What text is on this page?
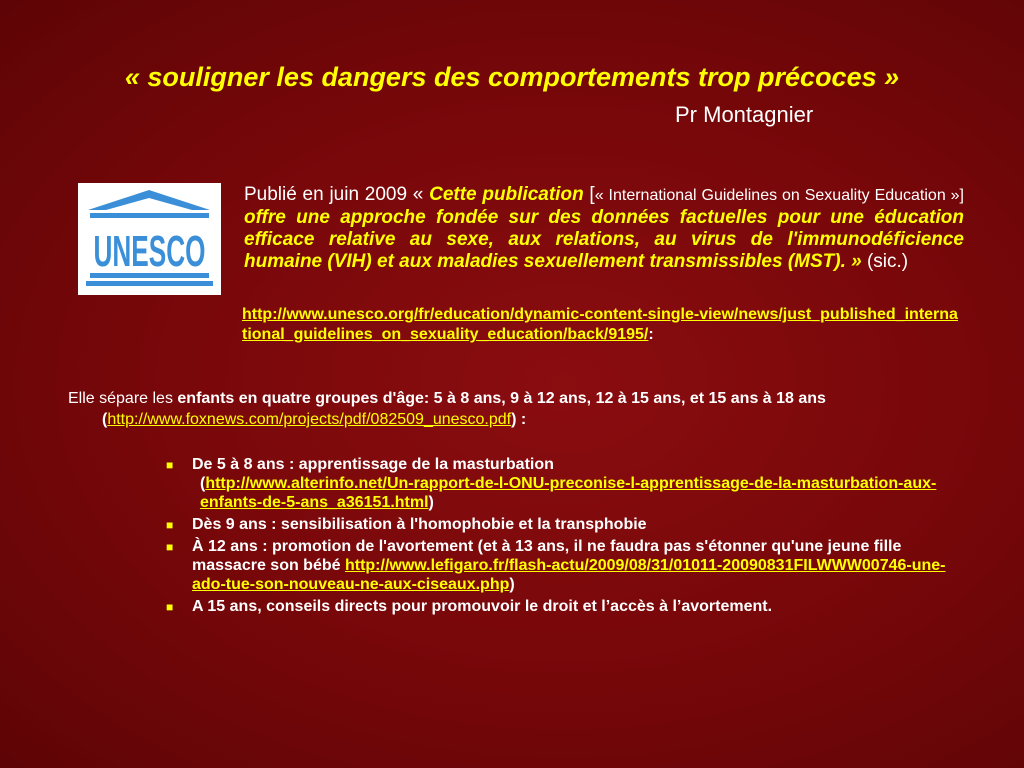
« souligner les dangers des comportements trop précoces »

Pr Montagnier

UNESCO

Publié en juin 2009 « Cette publication [« International Guidelines on Sexuality Education »] offre une approche fondée sur des données factuelles pour une éducation efficace relative au sexe, aux relations, au virus de l'immunodéficience humaine (VIH) et aux maladies sexuellement transmissibles (MST). » (sic.)

http://www.unesco.org/fr/education/dynamic-content-single-view/news/just_published_international_guidelines_on_sexuality_education/back/9195/:

Elle sépare les enfants en quatre groupes d'âge: 5 à 8 ans, 9 à 12 ans, 12 à 15 ans, et 15 ans à 18 ans (http://www.foxnews.com/projects/pdf/082509_unesco.pdf) :

■ De 5 à 8 ans : apprentissage de la masturbation
(http://www.alterinfo.net/Un-rapport-de-l-ONU-preconise-l-apprentissage-de-la-masturbation-aux-enfants-de-5-ans_a36151.html)
■ Dès 9 ans : sensibilisation à l'homophobie et la transphobie
■ À 12 ans : promotion de l'avortement (et à 13 ans, il ne faudra pas s'étonner qu'une jeune fille massacre son bébé http://www.lefigaro.fr/flash-actu/2009/08/31/01011-20090831FILWWW00746-une-ado-tue-son-nouveau-ne-aux-ciseaux.php)
■ A 15 ans, conseils directs pour promouvoir le droit et l’accès à l’avortement.
